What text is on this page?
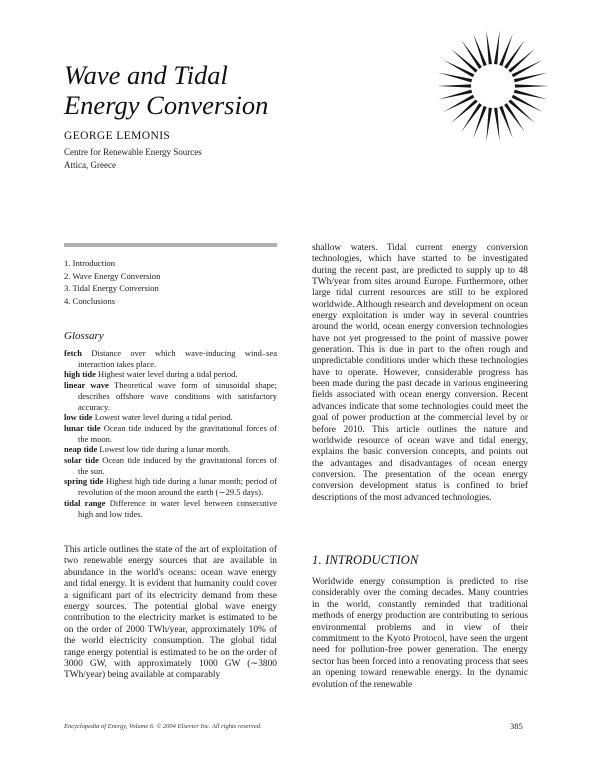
Wave and Tidal
Energy Conversion
GEORGE LEMONIS
Centre for Renewable Energy Sources
Attica, Greece
1. Introduction
2. Wave Energy Conversion
3. Tidal Energy Conversion
4. Conclusions
Glossary

fetch Distance over which wave-inducing wind–sea interaction takes place.

high tide Highest water level during a tidal period.

linear wave Theoretical wave form of sinusoidal shape; describes offshore wave conditions with satisfactory accuracy.

low tide Lowest water level during a tidal period.

lunar tide Ocean tide induced by the gravitational forces of the moon.

neap tide Lowest low tide during a lunar month.

solar tide Ocean tide induced by the gravitational forces of the sun.

spring tide Highest high tide during a lunar month; period of revolution of the moon around the earth (∼29.5 days).

tidal range Difference in water level between consecutive high and low tides.

This article outlines the state of the art of exploitation of two renewable energy sources that are available in abundance in the world's oceans: ocean wave energy and tidal energy. It is evident that humanity could cover a significant part of its electricity demand from these energy sources. The potential global wave energy contribution to the electricity market is estimated to be on the order of 2000 TWh/year, approximately 10% of the world electricity consumption. The global tidal range energy potential is estimated to be on the order of 3000 GW, with approximately 1000 GW (∼3800 TWh/year) being available at comparably

shallow waters. Tidal current energy conversion technologies, which have started to be investigated during the recent past, are predicted to supply up to 48 TWh/year from sites around Europe. Furthermore, other large tidal current resources are still to be explored worldwide. Although research and development on ocean energy exploitation is under way in several countries around the world, ocean energy conversion technologies have not yet progressed to the point of massive power generation. This is due in part to the often rough and unpredictable conditions under which these technologies have to operate. However, considerable progress has been made during the past decade in various engineering fields associated with ocean energy conversion. Recent advances indicate that some technologies could meet the goal of power production at the commercial level by or before 2010. This article outlines the nature and worldwide resource of ocean wave and tidal energy, explains the basic conversion concepts, and points out the advantages and disadvantages of ocean energy conversion. The presentation of the ocean energy conversion development status is confined to brief descriptions of the most advanced technologies.

1. INTRODUCTION

Worldwide energy consumption is predicted to rise considerably over the coming decades. Many countries in the world, constantly reminded that traditional methods of energy production are contributing to serious environmental problems and in view of their commitment to the Kyoto Protocol, have seen the urgent need for pollution-free power generation. The energy sector has been forced into a renovating process that sees an opening toward renewable energy. In the dynamic evolution of the renewable

Encyclopedia of Energy, Volume 6. © 2004 Elsevier Inc. All rights reserved.	385
